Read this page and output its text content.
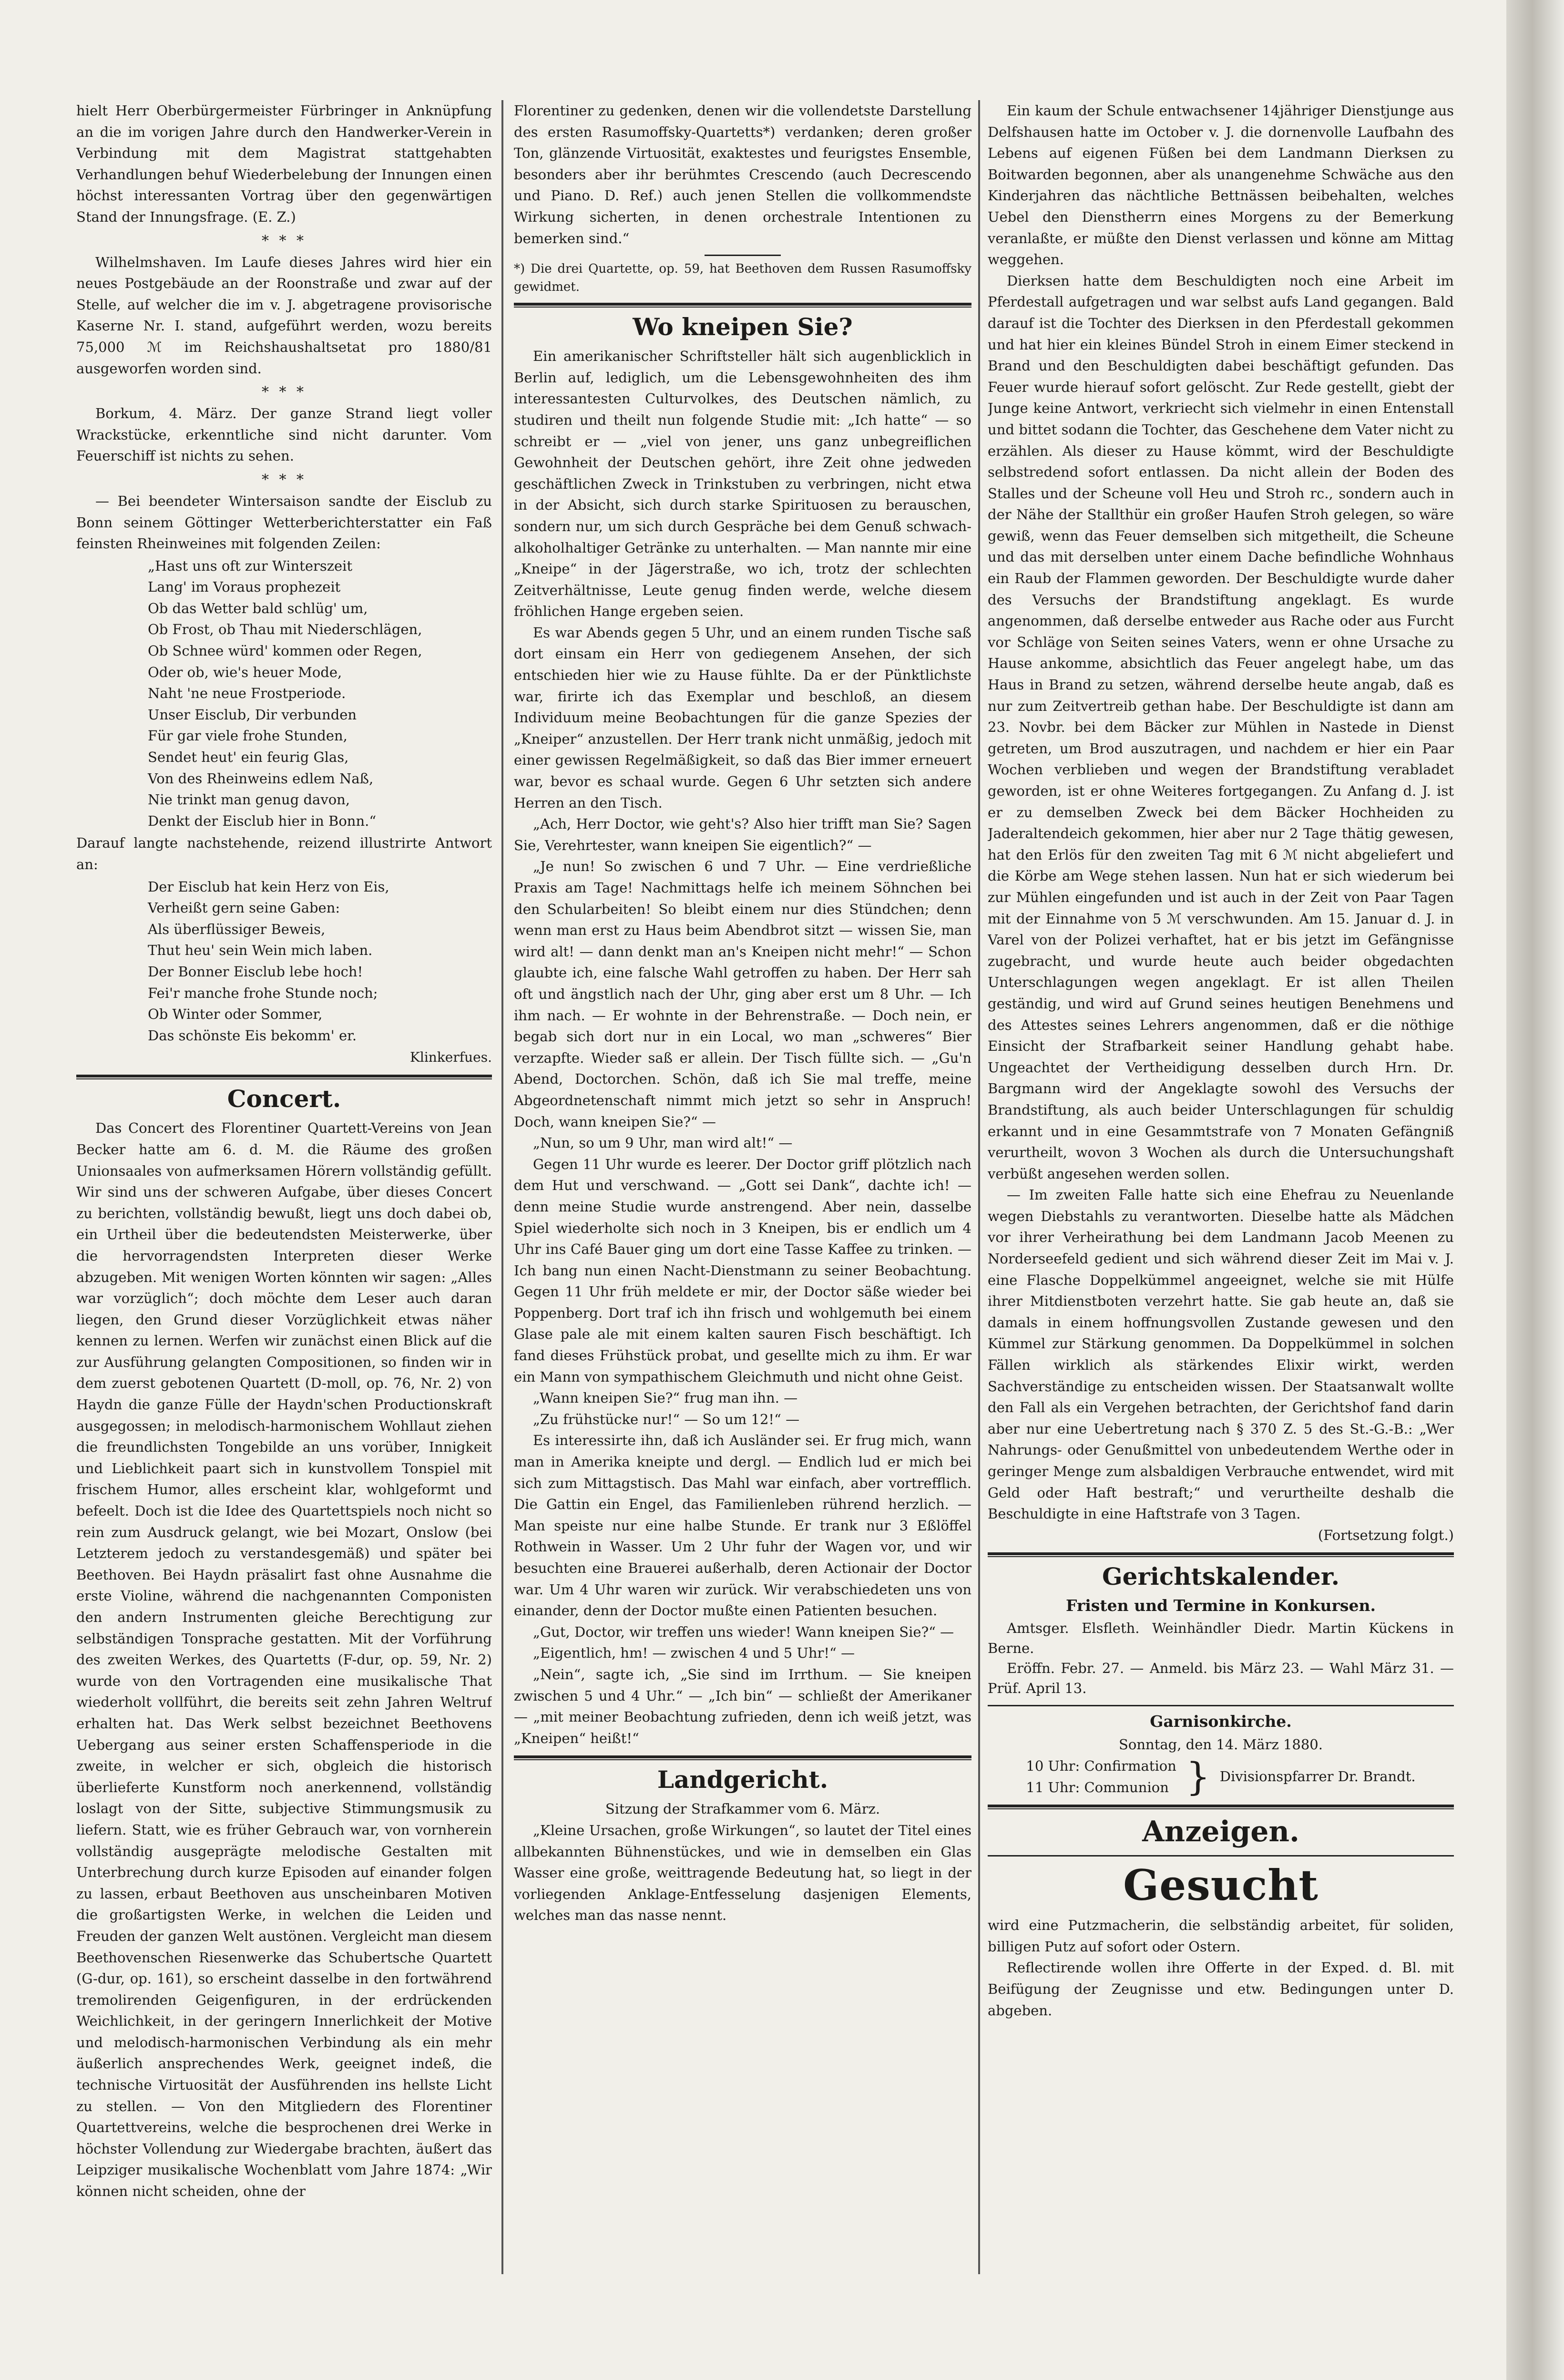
hielt Herr Oberbürgermeister Fürbringer in Anknüpfung an die im vorigen Jahre durch den Handwerker-Verein in Verbindung mit dem Magistrat stattgehabten Verhandlungen behuf Wiederbelebung der Innungen einen höchst interessanten Vortrag über den gegenwärtigen Stand der Innungsfrage. (E. Z.)

* * *

Wilhelmshaven. Im Laufe dieses Jahres wird hier ein neues Postgebäude an der Roonstraße und zwar auf der Stelle, auf welcher die im v. J. abgetragene provisorische Kaserne Nr. I. stand, aufgeführt werden, wozu bereits 75,000 ℳ im Reichshaushaltsetat pro 1880/81 ausgeworfen worden sind.

* * *

Borkum, 4. März. Der ganze Strand liegt voller Wrackstücke, erkenntliche sind nicht darunter. Vom Feuerschiff ist nichts zu sehen.

* * *

— Bei beendeter Wintersaison sandte der Eisclub zu Bonn seinem Göttinger Wetterberichterstatter ein Faß feinsten Rheinweines mit folgenden Zeilen:

„Hast uns oft zur Winterszeit
Lang' im Voraus prophezeit
Ob das Wetter bald schlüg' um,
Ob Frost, ob Thau mit Niederschlägen,
Ob Schnee würd' kommen oder Regen,
Oder ob, wie's heuer Mode,
Naht 'ne neue Frostperiode.
Unser Eisclub, Dir verbunden
Für gar viele frohe Stunden,
Sendet heut' ein feurig Glas,
Von des Rheinweins edlem Naß,
Nie trinkt man genug davon,
Denkt der Eisclub hier in Bonn.“

Darauf langte nachstehende, reizend illustrirte Antwort an:

Der Eisclub hat kein Herz von Eis,
Verheißt gern seine Gaben:
Als überflüssiger Beweis,
Thut heu' sein Wein mich laben.
Der Bonner Eisclub lebe hoch!
Fei'r manche frohe Stunde noch;
Ob Winter oder Sommer,
Das schönste Eis bekomm' er.

Klinkerfues.

Concert.

Das Concert des Florentiner Quartett-Vereins von Jean Becker hatte am 6. d. M. die Räume des großen Unionsaales von aufmerksamen Hörern vollständig gefüllt. Wir sind uns der schweren Aufgabe, über dieses Concert zu berichten, vollständig bewußt, liegt uns doch dabei ob, ein Urtheil über die bedeutendsten Meisterwerke, über die hervorragendsten Interpreten dieser Werke abzugeben. Mit wenigen Worten könnten wir sagen: „Alles war vorzüglich“; doch möchte dem Leser auch daran liegen, den Grund dieser Vorzüglichkeit etwas näher kennen zu lernen. Werfen wir zunächst einen Blick auf die zur Ausführung gelangten Compositionen, so finden wir in dem zuerst gebotenen Quartett (D-moll, op. 76, Nr. 2) von Haydn die ganze Fülle der Haydn'schen Productionskraft ausgegossen; in melodisch-harmonischem Wohllaut ziehen die freundlichsten Tongebilde an uns vorüber, Innigkeit und Lieblichkeit paart sich in kunstvollem Tonspiel mit frischem Humor, alles erscheint klar, wohlgeformt und befeelt. Doch ist die Idee des Quartettspiels noch nicht so rein zum Ausdruck gelangt, wie bei Mozart, Onslow (bei Letzterem jedoch zu verstandesgemäß) und später bei Beethoven. Bei Haydn präsalirt fast ohne Ausnahme die erste Violine, während die nachgenannten Componisten den andern Instrumenten gleiche Berechtigung zur selbständigen Tonsprache gestatten. Mit der Vorführung des zweiten Werkes, des Quartetts (F-dur, op. 59, Nr. 2) wurde von den Vortragenden eine musikalische That wiederholt vollführt, die bereits seit zehn Jahren Weltruf erhalten hat. Das Werk selbst bezeichnet Beethovens Uebergang aus seiner ersten Schaffensperiode in die zweite, in welcher er sich, obgleich die historisch überlieferte Kunstform noch anerkennend, vollständig loslagt von der Sitte, subjective Stimmungsmusik zu liefern. Statt, wie es früher Gebrauch war, von vornherein vollständig ausgeprägte melodische Gestalten mit Unterbrechung durch kurze Episoden auf einander folgen zu lassen, erbaut Beethoven aus unscheinbaren Motiven die großartigsten Werke, in welchen die Leiden und Freuden der ganzen Welt austönen. Vergleicht man diesem Beethovenschen Riesenwerke das Schubertsche Quartett (G-dur, op. 161), so erscheint dasselbe in den fortwährend tremolirenden Geigenfiguren, in der erdrückenden Weichlichkeit, in der geringern Innerlichkeit der Motive und melodisch-harmonischen Verbindung als ein mehr äußerlich ansprechendes Werk, geeignet indeß, die technische Virtuosität der Ausführenden ins hellste Licht zu stellen. — Von den Mitgliedern des Florentiner Quartettvereins, welche die besprochenen drei Werke in höchster Vollendung zur Wiedergabe brachten, äußert das Leipziger musikalische Wochenblatt vom Jahre 1874: „Wir können nicht scheiden, ohne der

Florentiner zu gedenken, denen wir die vollendetste Darstellung des ersten Rasumoffsky-Quartetts*) verdanken; deren großer Ton, glänzende Virtuosität, exaktestes und feurigstes Ensemble, besonders aber ihr berühmtes Crescendo (auch Decrescendo und Piano. D. Ref.) auch jenen Stellen die vollkommendste Wirkung sicherten, in denen orchestrale Intentionen zu bemerken sind.“

*) Die drei Quartette, op. 59, hat Beethoven dem Russen Rasumoffsky gewidmet.

Wo kneipen Sie?

Ein amerikanischer Schriftsteller hält sich augenblicklich in Berlin auf, lediglich, um die Lebensgewohnheiten des ihm interessantesten Culturvolkes, des Deutschen nämlich, zu studiren und theilt nun folgende Studie mit: „Ich hatte“ — so schreibt er — „viel von jener, uns ganz unbegreiflichen Gewohnheit der Deutschen gehört, ihre Zeit ohne jedweden geschäftlichen Zweck in Trinkstuben zu verbringen, nicht etwa in der Absicht, sich durch starke Spirituosen zu berauschen, sondern nur, um sich durch Gespräche bei dem Genuß schwach-alkoholhaltiger Getränke zu unterhalten. — Man nannte mir eine „Kneipe“ in der Jägerstraße, wo ich, trotz der schlechten Zeitverhältnisse, Leute genug finden werde, welche diesem fröhlichen Hange ergeben seien.

Es war Abends gegen 5 Uhr, und an einem runden Tische saß dort einsam ein Herr von gediegenem Ansehen, der sich entschieden hier wie zu Hause fühlte. Da er der Pünktlichste war, firirte ich das Exemplar und beschloß, an diesem Individuum meine Beobachtungen für die ganze Spezies der „Kneiper“ anzustellen. Der Herr trank nicht unmäßig, jedoch mit einer gewissen Regelmäßigkeit, so daß das Bier immer erneuert war, bevor es schaal wurde. Gegen 6 Uhr setzten sich andere Herren an den Tisch.

„Ach, Herr Doctor, wie geht's? Also hier trifft man Sie? Sagen Sie, Verehrtester, wann kneipen Sie eigentlich?“ —

„Je nun! So zwischen 6 und 7 Uhr. — Eine verdrießliche Praxis am Tage! Nachmittags helfe ich meinem Söhnchen bei den Schularbeiten! So bleibt einem nur dies Stündchen; denn wenn man erst zu Haus beim Abendbrot sitzt — wissen Sie, man wird alt! — dann denkt man an's Kneipen nicht mehr!“ — Schon glaubte ich, eine falsche Wahl getroffen zu haben. Der Herr sah oft und ängstlich nach der Uhr, ging aber erst um 8 Uhr. — Ich ihm nach. — Er wohnte in der Behrenstraße. — Doch nein, er begab sich dort nur in ein Local, wo man „schweres“ Bier verzapfte. Wieder saß er allein. Der Tisch füllte sich. — „Gu'n Abend, Doctorchen. Schön, daß ich Sie mal treffe, meine Abgeordnetenschaft nimmt mich jetzt so sehr in Anspruch! Doch, wann kneipen Sie?“ —

„Nun, so um 9 Uhr, man wird alt!“ —

Gegen 11 Uhr wurde es leerer. Der Doctor griff plötzlich nach dem Hut und verschwand. — „Gott sei Dank“, dachte ich! — denn meine Studie wurde anstrengend. Aber nein, dasselbe Spiel wiederholte sich noch in 3 Kneipen, bis er endlich um 4 Uhr ins Café Bauer ging um dort eine Tasse Kaffee zu trinken. — Ich bang nun einen Nacht-Dienstmann zu seiner Beobachtung. Gegen 11 Uhr früh meldete er mir, der Doctor säße wieder bei Poppenberg. Dort traf ich ihn frisch und wohlgemuth bei einem Glase pale ale mit einem kalten sauren Fisch beschäftigt. Ich fand dieses Frühstück probat, und gesellte mich zu ihm. Er war ein Mann von sympathischem Gleichmuth und nicht ohne Geist.

„Wann kneipen Sie?“ frug man ihn. —

„Zu frühstücke nur!“ — So um 12!“ —

Es interessirte ihn, daß ich Ausländer sei. Er frug mich, wann man in Amerika kneipte und dergl. — Endlich lud er mich bei sich zum Mittagstisch. Das Mahl war einfach, aber vortrefflich. Die Gattin ein Engel, das Familienleben rührend herzlich. — Man speiste nur eine halbe Stunde. Er trank nur 3 Eßlöffel Rothwein in Wasser. Um 2 Uhr fuhr der Wagen vor, und wir besuchten eine Brauerei außerhalb, deren Actionair der Doctor war. Um 4 Uhr waren wir zurück. Wir verabschiedeten uns von einander, denn der Doctor mußte einen Patienten besuchen.

„Gut, Doctor, wir treffen uns wieder! Wann kneipen Sie?“ —

„Eigentlich, hm! — zwischen 4 und 5 Uhr!“ —

„Nein“, sagte ich, „Sie sind im Irrthum. — Sie kneipen zwischen 5 und 4 Uhr.“ — „Ich bin“ — schließt der Amerikaner — „mit meiner Beobachtung zufrieden, denn ich weiß jetzt, was „Kneipen“ heißt!“

Landgericht.

Sitzung der Strafkammer vom 6. März.

„Kleine Ursachen, große Wirkungen“, so lautet der Titel eines allbekannten Bühnenstückes, und wie in demselben ein Glas Wasser eine große, weittragende Bedeutung hat, so liegt in der vorliegenden Anklage-Entfesselung dasjenigen Elements, welches man das nasse nennt.

Ein kaum der Schule entwachsener 14jähriger Dienstjunge aus Delfshausen hatte im October v. J. die dornenvolle Laufbahn des Lebens auf eigenen Füßen bei dem Landmann Dierksen zu Boitwarden begonnen, aber als unangenehme Schwäche aus den Kinderjahren das nächtliche Bettnässen beibehalten, welches Uebel den Dienstherrn eines Morgens zu der Bemerkung veranlaßte, er müßte den Dienst verlassen und könne am Mittag weggehen.

Dierksen hatte dem Beschuldigten noch eine Arbeit im Pferdestall aufgetragen und war selbst aufs Land gegangen. Bald darauf ist die Tochter des Dierksen in den Pferdestall gekommen und hat hier ein kleines Bündel Stroh in einem Eimer steckend in Brand und den Beschuldigten dabei beschäftigt gefunden. Das Feuer wurde hierauf sofort gelöscht. Zur Rede gestellt, giebt der Junge keine Antwort, verkriecht sich vielmehr in einen Entenstall und bittet sodann die Tochter, das Geschehene dem Vater nicht zu erzählen. Als dieser zu Hause kömmt, wird der Beschuldigte selbstredend sofort entlassen. Da nicht allein der Boden des Stalles und der Scheune voll Heu und Stroh rc., sondern auch in der Nähe der Stallthür ein großer Haufen Stroh gelegen, so wäre gewiß, wenn das Feuer demselben sich mitgetheilt, die Scheune und das mit derselben unter einem Dache befindliche Wohnhaus ein Raub der Flammen geworden. Der Beschuldigte wurde daher des Versuchs der Brandstiftung angeklagt. Es wurde angenommen, daß derselbe entweder aus Rache oder aus Furcht vor Schläge von Seiten seines Vaters, wenn er ohne Ursache zu Hause ankomme, absichtlich das Feuer angelegt habe, um das Haus in Brand zu setzen, während derselbe heute angab, daß es nur zum Zeitvertreib gethan habe. Der Beschuldigte ist dann am 23. Novbr. bei dem Bäcker zur Mühlen in Nastede in Dienst getreten, um Brod auszutragen, und nachdem er hier ein Paar Wochen verblieben und wegen der Brandstiftung verabladet geworden, ist er ohne Weiteres fortgegangen. Zu Anfang d. J. ist er zu demselben Zweck bei dem Bäcker Hochheiden zu Jaderaltendeich gekommen, hier aber nur 2 Tage thätig gewesen, hat den Erlös für den zweiten Tag mit 6 ℳ nicht abgeliefert und die Körbe am Wege stehen lassen. Nun hat er sich wiederum bei zur Mühlen eingefunden und ist auch in der Zeit von Paar Tagen mit der Einnahme von 5 ℳ verschwunden. Am 15. Januar d. J. in Varel von der Polizei verhaftet, hat er bis jetzt im Gefängnisse zugebracht, und wurde heute auch beider obgedachten Unterschlagungen wegen angeklagt. Er ist allen Theilen geständig, und wird auf Grund seines heutigen Benehmens und des Attestes seines Lehrers angenommen, daß er die nöthige Einsicht der Strafbarkeit seiner Handlung gehabt habe. Ungeachtet der Vertheidigung desselben durch Hrn. Dr. Bargmann wird der Angeklagte sowohl des Versuchs der Brandstiftung, als auch beider Unterschlagungen für schuldig erkannt und in eine Gesammtstrafe von 7 Monaten Gefängniß verurtheilt, wovon 3 Wochen als durch die Untersuchungshaft verbüßt angesehen werden sollen.

— Im zweiten Falle hatte sich eine Ehefrau zu Neuenlande wegen Diebstahls zu verantworten. Dieselbe hatte als Mädchen vor ihrer Verheirathung bei dem Landmann Jacob Meenen zu Norderseefeld gedient und sich während dieser Zeit im Mai v. J. eine Flasche Doppelkümmel angeeignet, welche sie mit Hülfe ihrer Mitdienstboten verzehrt hatte. Sie gab heute an, daß sie damals in einem hoffnungsvollen Zustande gewesen und den Kümmel zur Stärkung genommen. Da Doppelkümmel in solchen Fällen wirklich als stärkendes Elixir wirkt, werden Sachverständige zu entscheiden wissen. Der Staatsanwalt wollte den Fall als ein Vergehen betrachten, der Gerichtshof fand darin aber nur eine Uebertretung nach § 370 Z. 5 des St.-G.-B.: „Wer Nahrungs- oder Genußmittel von unbedeutendem Werthe oder in geringer Menge zum alsbaldigen Verbrauche entwendet, wird mit Geld oder Haft bestraft;“ und verurtheilte deshalb die Beschuldigte in eine Haftstrafe von 3 Tagen.

(Fortsetzung folgt.)

Gerichtskalender.
Fristen und Termine in Konkursen.

Amtsger. Elsfleth. Weinhändler Diedr. Martin Kückens in Berne.

Eröffn. Febr. 27. — Anmeld. bis März 23. — Wahl März 31. — Prüf. April 13.

Garnisonkirche.

Sonntag, den 14. März 1880.

10 Uhr: Confirmation

11 Uhr: Communion } Divisionspfarrer Dr. Brandt.

Anzeigen.
Gesucht

wird eine Putzmacherin, die selbständig arbeitet, für soliden, billigen Putz auf sofort oder Ostern.

Reflectirende wollen ihre Offerte in der Exped. d. Bl. mit Beifügung der Zeugnisse und etw. Bedingungen unter D. abgeben.
